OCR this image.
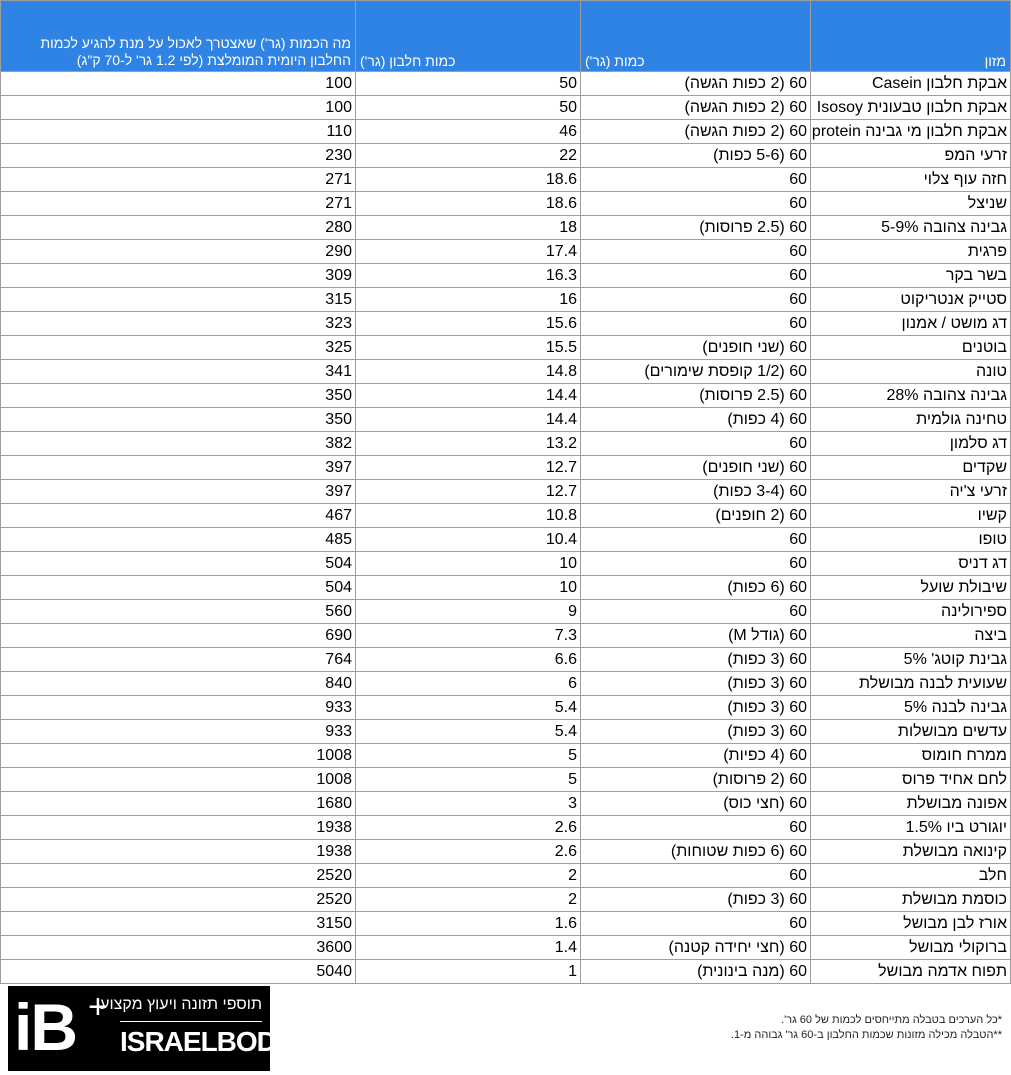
מה הכמות (גר') שאצטרך לאכול על מנת להגיע לכמות החלבון היומית המומלצת (לפי 1.2 גר' ל-70 ק"ג)	כמות חלבון (גר')	כמות (גר')	מזון
100	50	60 (2 כפות הגשה)	אבקת חלבון Casein
100	50	60 (2 כפות הגשה)	אבקת חלבון טבעונית Isosoy
110	46	60 (2 כפות הגשה)	אבקת חלבון מי גבינה protein
230	22	60 (5-6 כפות)	זרעי המפ
271	18.6	60	חזה עוף צלוי
271	18.6	60	שניצל
280	18	60 (2.5 פרוסות)	גבינה צהובה 5-9%
290	17.4	60	פרגית
309	16.3	60	בשר בקר
315	16	60	סטייק אנטריקוט
323	15.6	60	דג מושט / אמנון
325	15.5	60 (שני חופנים)	בוטנים
341	14.8	60 (1/2 קופסת שימורים)	טונה
350	14.4	60 (2.5 פרוסות)	גבינה צהובה 28%
350	14.4	60 (4 כפות)	טחינה גולמית
382	13.2	60	דג סלמון
397	12.7	60 (שני חופנים)	שקדים
397	12.7	60 (3-4 כפות)	זרעי צ'יה
467	10.8	60 (2 חופנים)	קשיו
485	10.4	60	טופו
504	10	60	דג דניס
504	10	60 (6 כפות)	שיבולת שועל
560	9	60	ספירולינה
690	7.3	60 (גודל M)	ביצה
764	6.6	60 (3 כפות)	גבינת קוטג' 5%
840	6	60 (3 כפות)	שעועית לבנה מבושלת
933	5.4	60 (3 כפות)	גבינה לבנה 5%
933	5.4	60 (3 כפות)	עדשים מבושלות
1008	5	60 (4 כפיות)	ממרח חומוס
1008	5	60 (2 פרוסות)	לחם אחיד פרוס
1680	3	60 (חצי כוס)	אפונה מבושלת
1938	2.6	60	יוגורט ביו 1.5%
1938	2.6	60 (6 כפות שטוחות)	קינואה מבושלת
2520	2	60	חלב
2520	2	60 (3 כפות)	כוסמת מבושלת
3150	1.6	60	אורז לבן מבושל
3600	1.4	60 (חצי יחידה קטנה)	ברוקולי מבושל
5040	1	60 (מנה בינונית)	תפוח אדמה מבושל
iB +
תוספי תזונה ויעוץ מקצועי
ISRAELBODY.org
*כל הערכים בטבלה מתייחסים לכמות של 60 גר'.
**הטבלה מכילה מזונות שכמות החלבון ב-60 גר' גבוהה מ-1.
